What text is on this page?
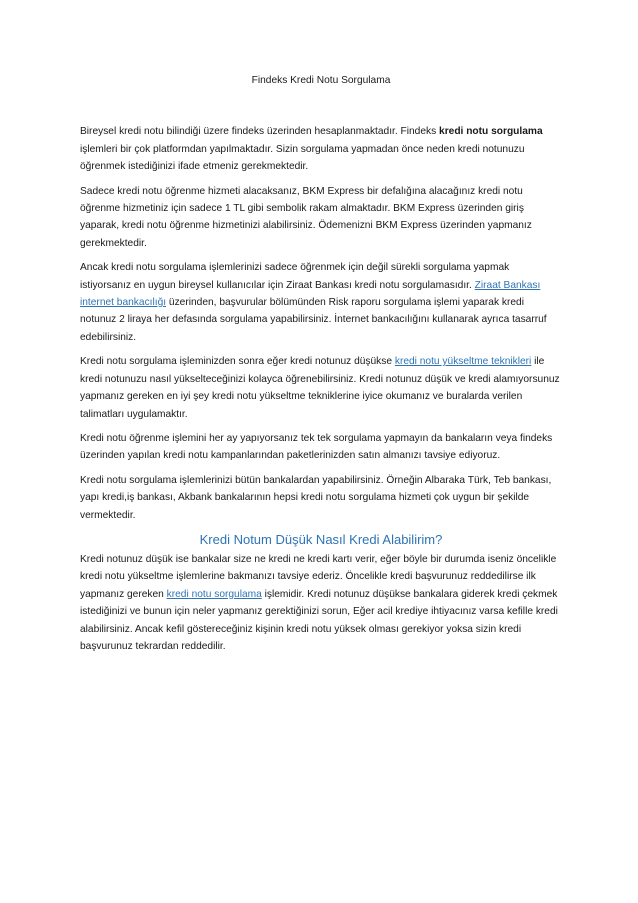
Findeks Kredi Notu Sorgulama

Bireysel kredi notu bilindiği üzere findeks üzerinden hesaplanmaktadır. Findeks kredi notu sorgulama işlemleri bir çok platformdan yapılmaktadır. Sizin sorgulama yapmadan önce neden kredi notunuzu öğrenmek istediğinizi ifade etmeniz gerekmektedir.

Sadece kredi notu öğrenme hizmeti alacaksanız, BKM Express bir defalığına alacağınız kredi notu öğrenme hizmetiniz için sadece 1 TL gibi sembolik rakam almaktadır. BKM Express üzerinden giriş yaparak, kredi notu öğrenme hizmetinizi alabilirsiniz. Ödemenizni BKM Express üzerinden yapmanız gerekmektedir.

Ancak kredi notu sorgulama işlemlerinizi sadece öğrenmek için değil sürekli sorgulama yapmak istiyorsanız en uygun bireysel kullanıcılar için Ziraat Bankası kredi notu sorgulamasıdır. Ziraat Bankası internet bankacılığı üzerinden, başvurular bölümünden Risk raporu sorgulama işlemi yaparak kredi notunuz 2 liraya her defasında sorgulama yapabilirsiniz. İnternet bankacılığını kullanarak ayrıca tasarruf edebilirsiniz.

Kredi notu sorgulama işleminizden sonra eğer kredi notunuz düşükse kredi notu yükseltme teknikleri ile kredi notunuzu nasıl yükselteceğinizi kolayca öğrenebilirsiniz. Kredi notunuz düşük ve kredi alamıyorsunuz yapmanız gereken en iyi şey kredi notu yükseltme tekniklerine iyice okumanız ve buralarda verilen talimatları uygulamaktır.

Kredi notu öğrenme işlemini her ay yapıyorsanız tek tek sorgulama yapmayın da bankaların veya findeks üzerinden yapılan kredi notu kampanlarından paketlerinizden satın almanızı tavsiye ediyoruz.

Kredi notu sorgulama işlemlerinizi bütün bankalardan yapabilirsiniz. Örneğin Albaraka Türk, Teb bankası, yapı kredi,iş bankası, Akbank bankalarının hepsi kredi notu sorgulama hizmeti çok uygun bir şekilde vermektedir.

Kredi Notum Düşük Nasıl Kredi Alabilirim?

Kredi notunuz düşük ise bankalar size ne kredi ne kredi kartı verir, eğer böyle bir durumda iseniz öncelikle kredi notu yükseltme işlemlerine bakmanızı tavsiye ederiz. Öncelikle kredi başvurunuz reddedilirse ilk yapmanız gereken kredi notu sorgulama işlemidir. Kredi notunuz düşükse bankalara giderek kredi çekmek istediğinizi ve bunun için neler yapmanız gerektiğinizi sorun, Eğer acil krediye ihtiyacınız varsa kefille kredi alabilirsiniz. Ancak kefil göstereceğiniz kişinin kredi notu yüksek olması gerekiyor yoksa sizin kredi başvurunuz tekrardan reddedilir.
